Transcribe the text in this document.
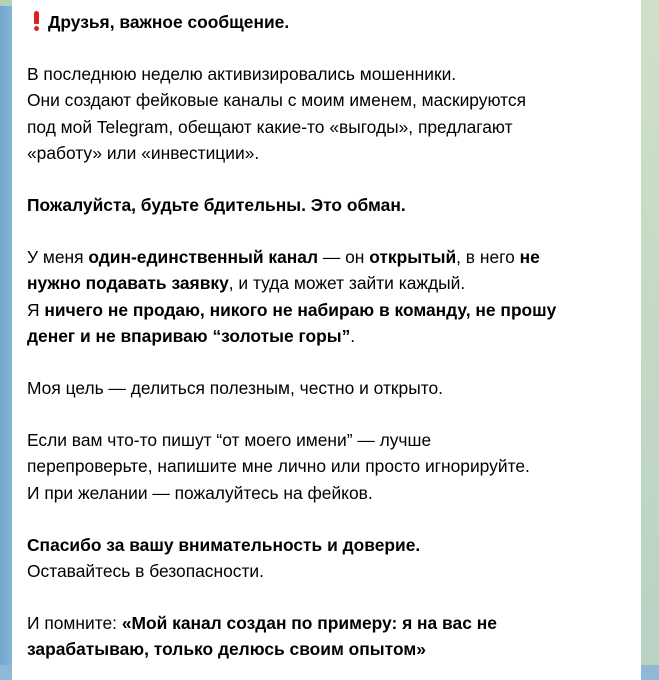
Друзья, важное сообщение.

В последнюю неделю активизировались мошенники.

Они создают фейковые каналы с моим именем, маскируются

под мой Telegram, обещают какие-то «выгоды», предлагают

«работу» или «инвестиции».

Пожалуйста, будьте бдительны. Это обман.

У меня один-единственный канал — он открытый, в него не

нужно подавать заявку, и туда может зайти каждый.

Я ничего не продаю, никого не набираю в команду, не прошу

денег и не впариваю “золотые горы”.

Моя цель — делиться полезным, честно и открыто.

Если вам что-то пишут “от моего имени” — лучше

перепроверьте, напишите мне лично или просто игнорируйте.

И при желании — пожалуйтесь на фейков.

Спасибо за вашу внимательность и доверие.

Оставайтесь в безопасности.

И помните: «Мой канал создан по примеру: я на вас не

зарабатываю, только делюсь своим опытом»
